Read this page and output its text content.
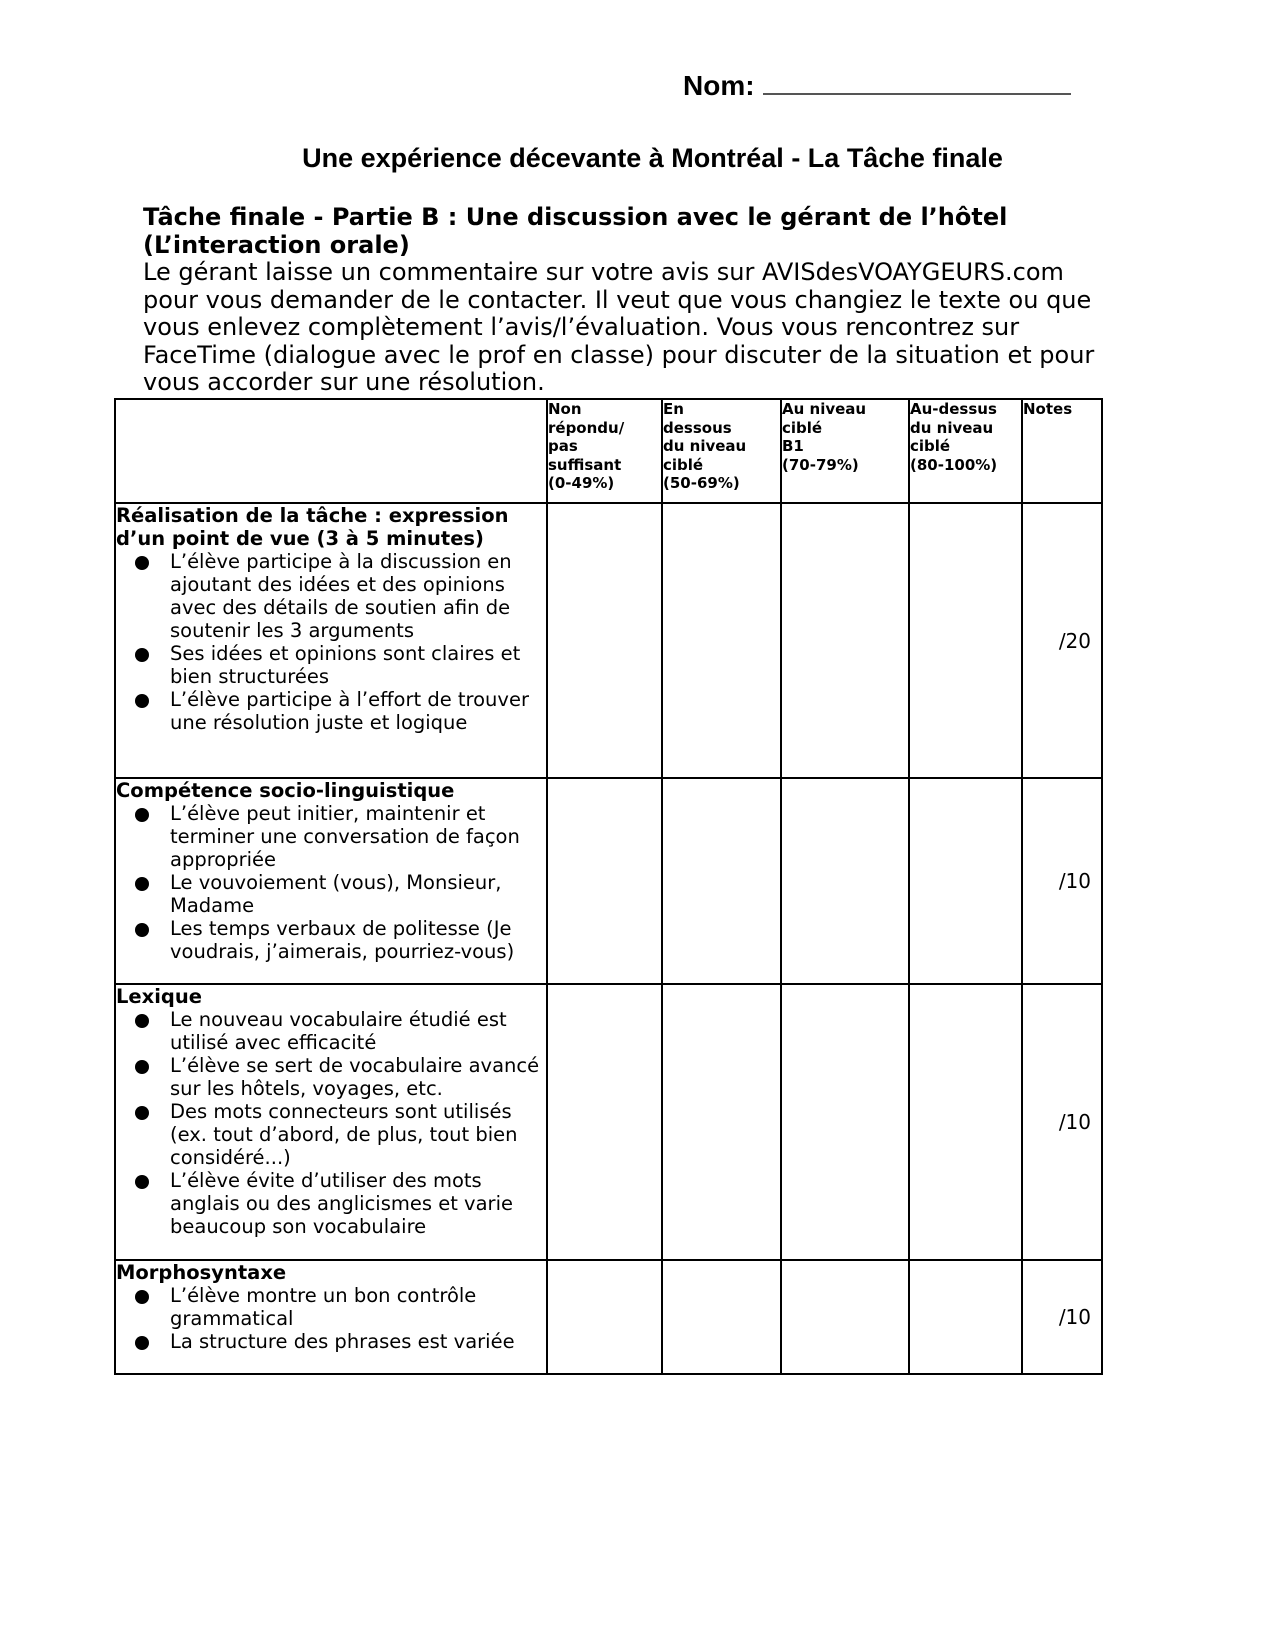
Nom:
Une expérience décevante à Montréal - La Tâche finale
Tâche finale - Partie B : Une discussion avec le gérant de l’hôtel (L’interaction orale)

Le gérant laisse un commentaire sur votre avis sur AVISdesVOAYGEURS.com pour vous demander de le contacter. Il veut que vous changiez le texte ou que vous enlevez complètement l’avis/l’évaluation. Vous vous rencontrez sur FaceTime (dialogue avec le prof en classe) pour discuter de la situation et pour vous accorder sur une résolution.

	Non
répondu/
pas
suffisant
(0-49%)	En
dessous
du niveau
ciblé
(50-69%)	Au niveau
ciblé
B1
(70-79%)	Au-dessus
du niveau
ciblé
(80-100%)	Notes

Réalisation de la tâche : expression d’un point de vue (3 à 5 minutes)
L’élève participe à la discussion en ajoutant des idées et des opinions avec des détails de soutien afin de soutenir les 3 arguments
Ses idées et opinions sont claires et bien structurées
L’élève participe à l’effort de trouver une résolution juste et logique
					/20

Compétence socio-linguistique
L’élève peut initier, maintenir et terminer une conversation de façon appropriée
Le vouvoiement (vous), Monsieur, Madame
Les temps verbaux de politesse (Je voudrais, j’aimerais, pourriez-vous)
					/10

Lexique
Le nouveau vocabulaire étudié est utilisé avec efficacité
L’élève se sert de vocabulaire avancé sur les hôtels, voyages, etc.
Des mots connecteurs sont utilisés (ex. tout d’abord, de plus, tout bien considéré...)
L’élève évite d’utiliser des mots anglais ou des anglicismes et varie beaucoup son vocabulaire
					/10

Morphosyntaxe
L’élève montre un bon contrôle grammatical
La structure des phrases est variée
					/10
